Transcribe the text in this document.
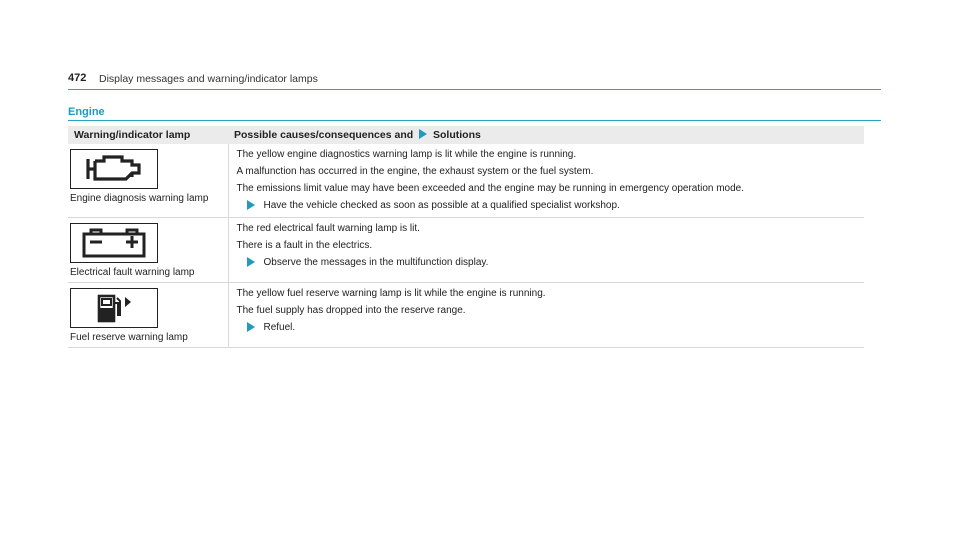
472 Display messages and warning/indicator lamps
Engine
Warning/indicator lamp	Possible causes/consequences and Solutions

Engine diagnosis warning lamp	The yellow engine diagnostics warning lamp is lit while the engine is running.
A malfunction has occurred in the engine, the exhaust system or the fuel system.
The emissions limit value may have been exceeded and the engine may be running in emergency operation mode.
Have the vehicle checked as soon as possible at a qualified specialist workshop.

Electrical fault warning lamp	The red electrical fault warning lamp is lit.
There is a fault in the electrics.
Observe the messages in the multifunction display.

Fuel reserve warning lamp	The yellow fuel reserve warning lamp is lit while the engine is running.
The fuel supply has dropped into the reserve range.
Refuel.
